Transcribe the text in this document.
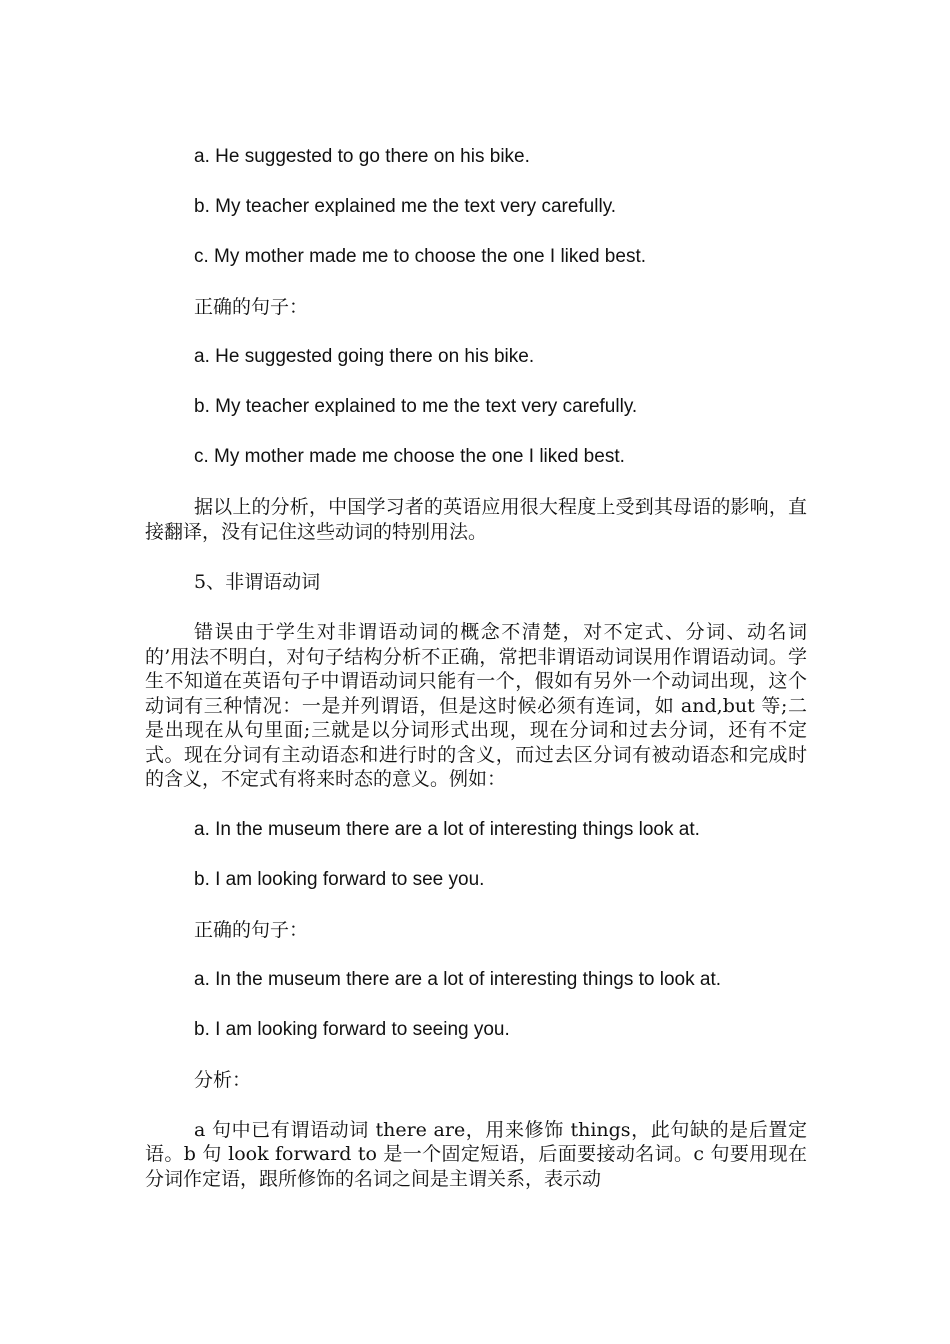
a. He suggested to go there on his bike.

b. My teacher explained me the text very carefully.

c. My mother made me to choose the one I liked best.

正确的句子：

a. He suggested going there on his bike.

b. My teacher explained to me the text very carefully.

c. My mother made me choose the one I liked best.

据以上的分析，中国学习者的英语应用很大程度上受到其母语的影响，直接翻译，没有记住这些动词的特别用法。

5、非谓语动词

错误由于学生对非谓语动词的概念不清楚，对不定式、分词、动名词的’用法不明白，对句子结构分析不正确，常把非谓语动词误用作谓语动词。学生不知道在英语句子中谓语动词只能有一个，假如有另外一个动词出现，这个动词有三种情况：一是并列谓语，但是这时候必须有连词，如 and,but 等;二是出现在从句里面;三就是以分词形式出现，现在分词和过去分词，还有不定式。现在分词有主动语态和进行时的含义，而过去区分词有被动语态和完成时的含义，不定式有将来时态的意义。例如：

a. In the museum there are a lot of interesting things look at.

b. I am looking forward to see you.

正确的句子：

a. In the museum there are a lot of interesting things to look at.

b. I am looking forward to seeing you.

分析：

a 句中已有谓语动词 there are，用来修饰 things，此句缺的是后置定语。b 句 look forward to 是一个固定短语，后面要接动名词。c 句要用现在分词作定语，跟所修饰的名词之间是主谓关系，表示动
